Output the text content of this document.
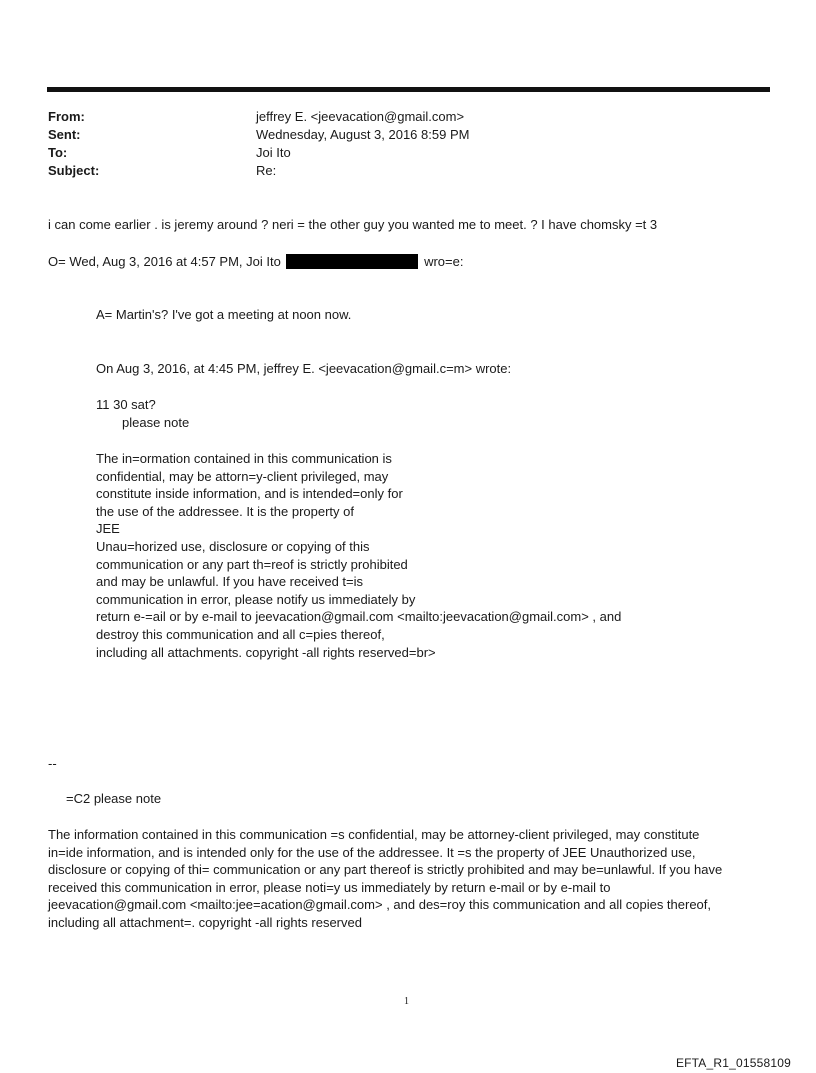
From:	jeffrey E. <jeevacation@gmail.com>
Sent:	Wednesday, August 3, 2016 8:59 PM
To:	Joi Ito
Subject:	Re:
i can come earlier . is jeremy around ? neri = the other guy you wanted me to meet. ? I have chomsky =t 3
O= Wed, Aug 3, 2016 at 4:57 PM, Joi Ito	wro=e:
A= Martin's? I've got a meeting at noon now.
On Aug 3, 2016, at 4:45 PM, jeffrey E. <jeevacation@gmail.c=m> wrote:
11 30 sat?
please note
The in=ormation contained in this communication is
confidential, may be attorn=y-client privileged, may
constitute inside information, and is intended=only for
the use of the addressee. It is the property of
JEE
Unau=horized use, disclosure or copying of this
communication or any part th=reof is strictly prohibited
and may be unlawful. If you have received t=is
communication in error, please notify us immediately by
return e-=ail or by e-mail to jeevacation@gmail.com <mailto:jeevacation@gmail.com> , and
destroy this communication and all c=pies thereof,
including all attachments. copyright -all rights reserved=br>
--
=C2 please note
The information contained in this communication =s confidential, may be attorney-client privileged, may constitute
in=ide information, and is intended only for the use of the addressee. It =s the property of JEE Unauthorized use,
disclosure or copying of thi= communication or any part thereof is strictly prohibited and may be=unlawful. If you have
received this communication in error, please noti=y us immediately by return e-mail or by e-mail to
jeevacation@gmail.com <mailto:jee=acation@gmail.com> , and des=roy this communication and all copies thereof,
including all attachment=. copyright -all rights reserved
1
EFTA_R1_01558109
